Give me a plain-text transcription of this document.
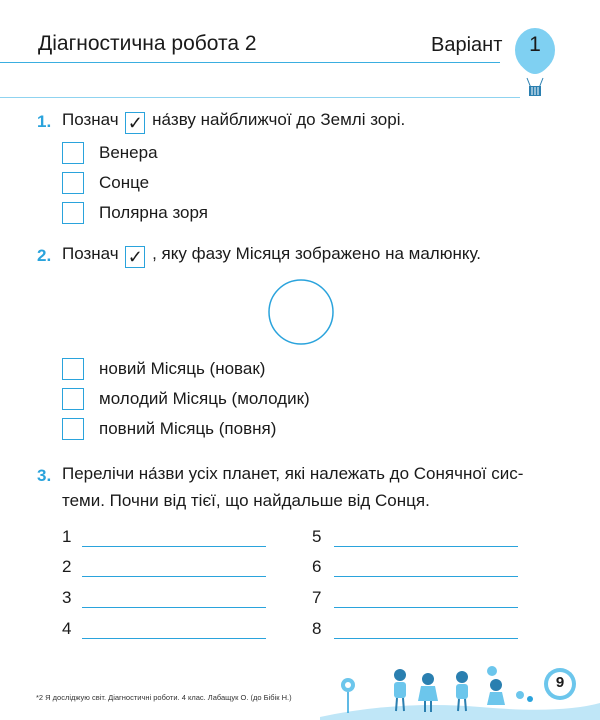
Діагностична робота 2	Варіант 1
1. Познач ✓ на́зву найближчої до Землі зорі.
Венера
Сонце
Полярна зоря
2. Познач ✓ , яку фазу Місяця зображено на малюнку.
новий Місяць (новак)
молодий Місяць (молодик)
повний Місяць (повня)
3. Перелічи на́зви усіх планет, які належать до Сонячної сис-
теми. Почни від тієї, що найдальше від Сонця.
1
2
3
4
5
6
7
8
9
*2 Я досліджую світ. Діагностичні роботи. 4 клас. Лабащук О. (до Бібік Н.)
